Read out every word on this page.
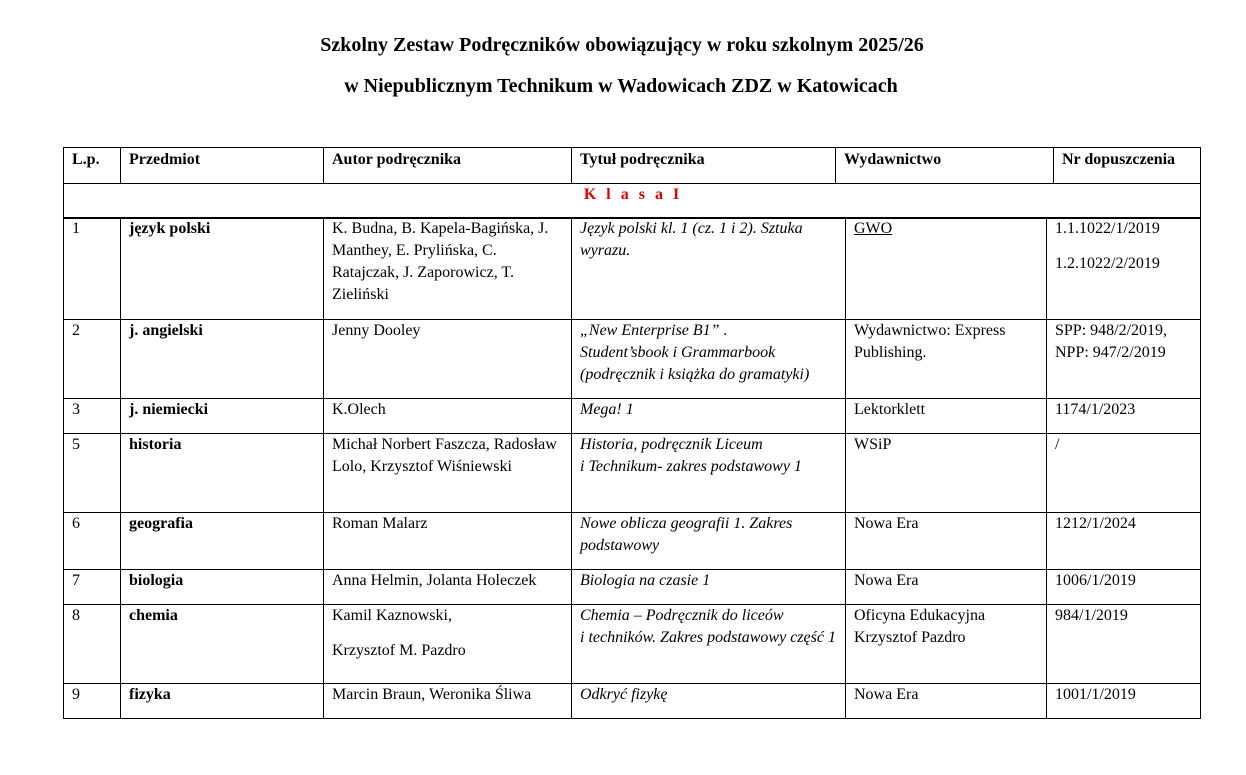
Szkolny Zestaw Podręczników obowiązujący w roku szkolnym 2025/26
w Niepublicznym Technikum w Wadowicach ZDZ w Katowicach
L.p.	Przedmiot	Autor podręcznika	Tytuł podręcznika	Wydawnictwo	Nr dopuszczenia
K l a s a I
1	język polski	K. Budna, B. Kapela-Bagińska, J. Manthey, E. Prylińska, C. Ratajczak, J. Zaporowicz, T. Zieliński	Język polski kl. 1 (cz. 1 i 2). Sztuka wyrazu.	GWO	1.1.1022/1/2019
1.2.1022/2/2019

2	j. angielski	Jenny Dooley	„New Enterprise B1” .
Student’sbook i Grammarbook (podręcznik i książka do gramatyki)	Wydawnictwo: Express Publishing.	SPP: 948/2/2019,
NPP: 947/2/2019

3	j. niemiecki	K.Olech	Mega! 1	Lektorklett	1174/1/2023
5	historia	Michał Norbert Faszcza, Radosław Lolo, Krzysztof Wiśniewski	Historia, podręcznik Liceum
i Technikum- zakres podstawowy 1	WSiP	/
6	geografia	Roman Malarz	Nowe oblicza geografii 1. Zakres podstawowy	Nowa Era	1212/1/2024
7	biologia	Anna Helmin, Jolanta Holeczek	Biologia na czasie 1	Nowa Era	1006/1/2019
8	chemia	Kamil Kaznowski,
Krzysztof M. Pazdro	Chemia – Podręcznik do liceów
i techników. Zakres podstawowy część 1	Oficyna Edukacyjna Krzysztof Pazdro	984/1/2019
9	fizyka	Marcin Braun, Weronika Śliwa	Odkryć fizykę	Nowa Era	1001/1/2019
